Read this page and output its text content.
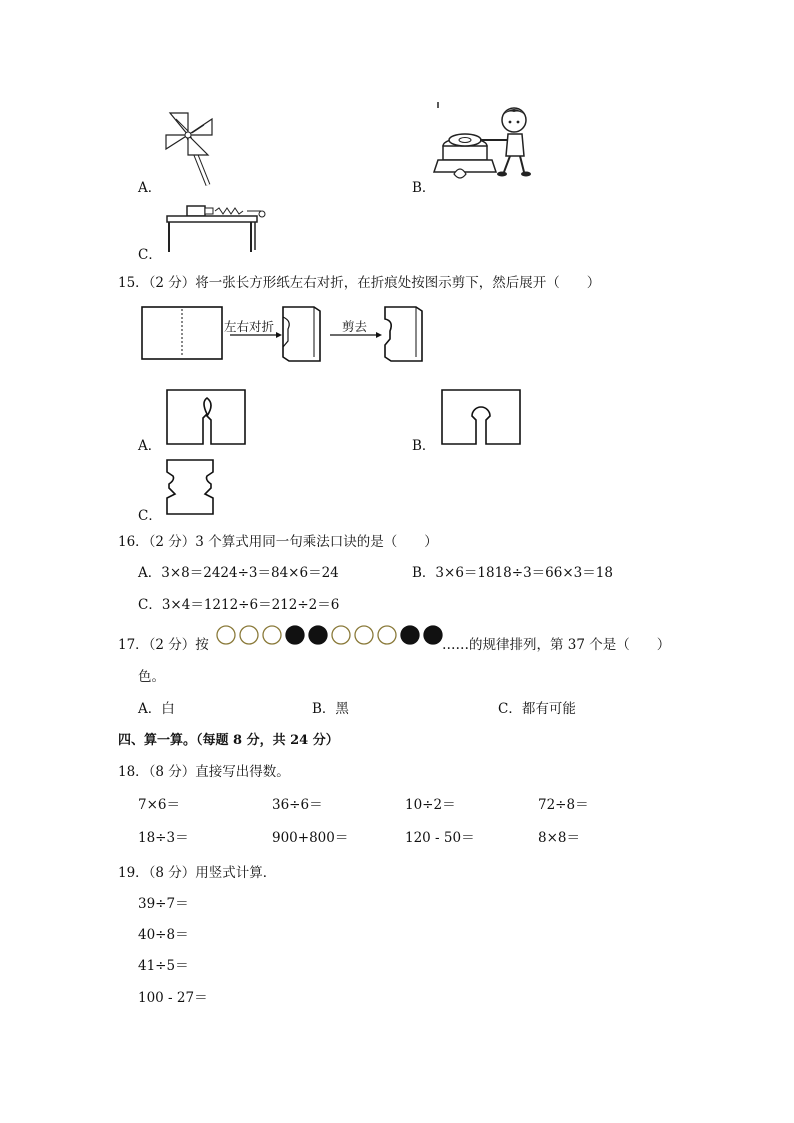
A．	B．
C．
15．（2 分）将一张长方形纸左右对折，在折痕处按图示剪下，然后展开（　　）
左右对折	剪去
A．	B．
C．
16．（2 分）3 个算式用同一句乘法口诀的是（　　）
A．3×8＝2424÷3＝84×6＝24	B．3×6＝1818÷3＝66×3＝18
C．3×4＝1212÷6＝212÷2＝6
17．（2 分）按	……的规律排列，第 37 个是（　　）
色。
A．白	B．黑	C．都有可能
四、算一算。（每题 8 分，共 24 分）
18．（8 分）直接写出得数。
7×6＝	36÷6＝	10÷2＝	72÷8＝
18÷3＝	900+800＝	120 - 50＝	8×8＝
19．（8 分）用竖式计算．
39÷7＝
40÷8＝
41÷5＝
100 - 27＝
